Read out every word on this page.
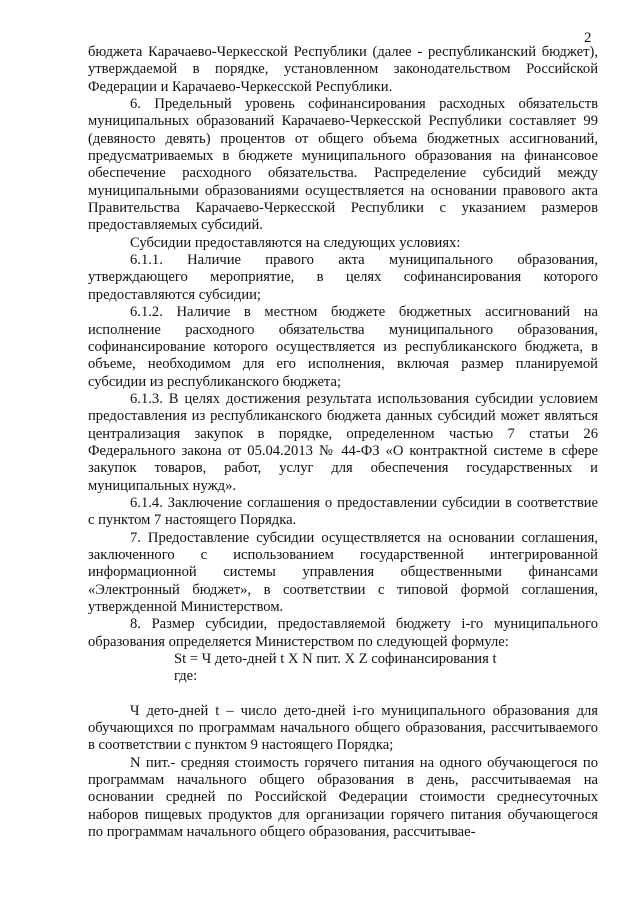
2

бюджета Карачаево-Черкесской Республики (далее - республиканский бюджет), утверждаемой в порядке, установленном законодательством Российской Федерации и Карачаево-Черкесской Республики.

6. Предельный уровень софинансирования расходных обязательств муниципальных образований Карачаево-Черкесской Республики составляет 99 (девяносто девять) процентов от общего объема бюджетных ассигнований, предусматриваемых в бюджете муниципального образования на финансовое обеспечение расходного обязательства. Распределение субсидий между муниципальными образованиями осуществляется на основании правового акта Правительства Карачаево-Черкесской Республики с указанием размеров предоставляемых субсидий.

Субсидии предоставляются на следующих условиях:

6.1.1. Наличие правого акта муниципального образования, утверждающего мероприятие, в целях софинансирования которого предоставляются субсидии;

6.1.2. Наличие в местном бюджете бюджетных ассигнований на исполнение расходного обязательства муниципального образования, софинансирование которого осуществляется из республиканского бюджета, в объеме, необходимом для его исполнения, включая размер планируемой субсидии из республиканского бюджета;

6.1.3. В целях достижения результата использования субсидии условием предоставления из республиканского бюджета данных субсидий может являться централизация закупок в порядке, определенном частью 7 статьи 26 Федерального закона от 05.04.2013 № 44-ФЗ «О контрактной системе в сфере закупок товаров, работ, услуг для обеспечения государственных и муниципальных нужд».

6.1.4. Заключение соглашения о предоставлении субсидии в соответствие с пунктом 7 настоящего Порядка.

7. Предоставление субсидии осуществляется на основании соглашения, заключенного с использованием государственной интегрированной информационной системы управления общественными финансами «Электронный бюджет», в соответствии с типовой формой соглашения, утвержденной Министерством.

8. Размер субсидии, предоставляемой бюджету i-го муниципального образования определяется Министерством по следующей формуле:

St = Ч дето-дней t X N пит. X Z софинансирования t

где:

Ч дето-дней t – число дето-дней i-го муниципального образования для обучающихся по программам начального общего образования, рассчитываемого в соответствии с пунктом 9 настоящего Порядка;

N пит.- средняя стоимость горячего питания на одного обучающегося по программам начального общего образования в день, рассчитываемая на основании средней по Российской Федерации стоимости среднесуточных наборов пищевых продуктов для организации горячего питания обучающегося по программам начального общего образования, рассчитывае-
